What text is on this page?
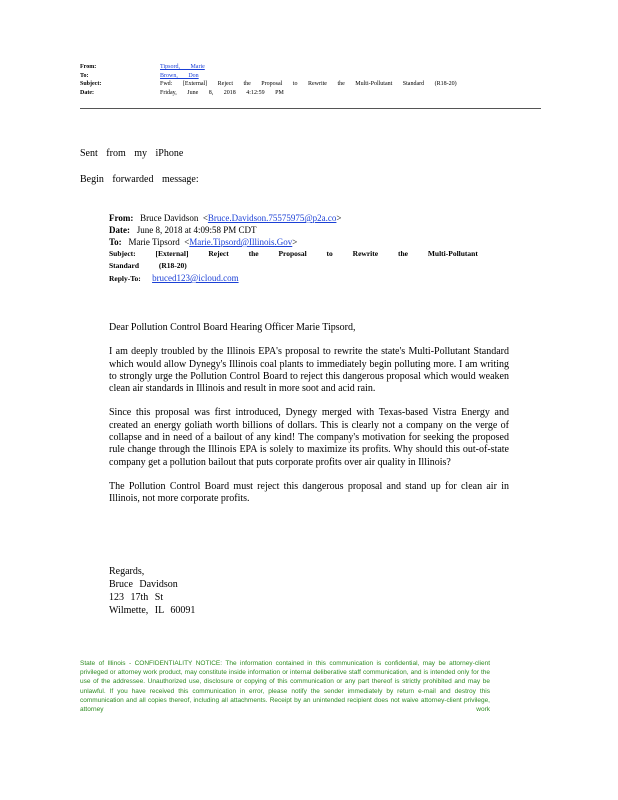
From:	Tipsord, Marie
To:	Brown, Don
Subject:	Fwd: [External] Reject the Proposal to Rewrite the Multi-Pollutant Standard (R18-20)
Date:	Friday, June 8, 2018 4:12:59 PM
Sent from my iPhone
Begin forwarded message:
From: Bruce Davidson  <Bruce.Davidson.75575975@p2a.co>
Date: June 8, 2018 at 4:09:58 PM CDT
To: Marie Tipsord  <Marie.Tipsord@Illinois.Gov>
Subject:	[External] Reject the Proposal to Rewrite the Multi-Pollutant Standard (R18-20)
Reply-To: bruced123@icloud.com

Dear Pollution Control Board Hearing Officer Marie Tipsord,

I am deeply troubled by the Illinois EPA's proposal to rewrite the state's Multi-Pollutant Standard which would allow Dynegy's Illinois coal plants to immediately begin polluting more. I am writing to strongly urge the Pollution Control Board to reject this dangerous proposal which would weaken clean air standards in Illinois and result in more soot and acid rain.

Since this proposal was first introduced, Dynegy merged with Texas-based Vistra Energy and created an energy goliath worth billions of dollars. This is clearly not a company on the verge of collapse and in need of a bailout of any kind! The company's motivation for seeking the proposed rule change through the Illinois EPA is solely to maximize its profits. Why should this out-of-state company get a pollution bailout that puts corporate profits over air quality in Illinois?

The Pollution Control Board must reject this dangerous proposal and stand up for clean air in Illinois, not more corporate profits.

Regards,
Bruce Davidson
123 17th St
Wilmette, IL 60091
State of Illinois - CONFIDENTIALITY NOTICE: The information contained in this communication is confidential, may be attorney-client privileged or attorney work product, may constitute inside information or internal deliberative staff communication, and is intended only for the use of the addressee. Unauthorized use, disclosure or copying of this communication or any part thereof is strictly prohibited and may be unlawful. If you have received this communication in error, please notify the sender immediately by return e-mail and destroy this communication and all copies thereof, including all attachments. Receipt by an unintended recipient does not waive attorney-client privilege, attorney work
